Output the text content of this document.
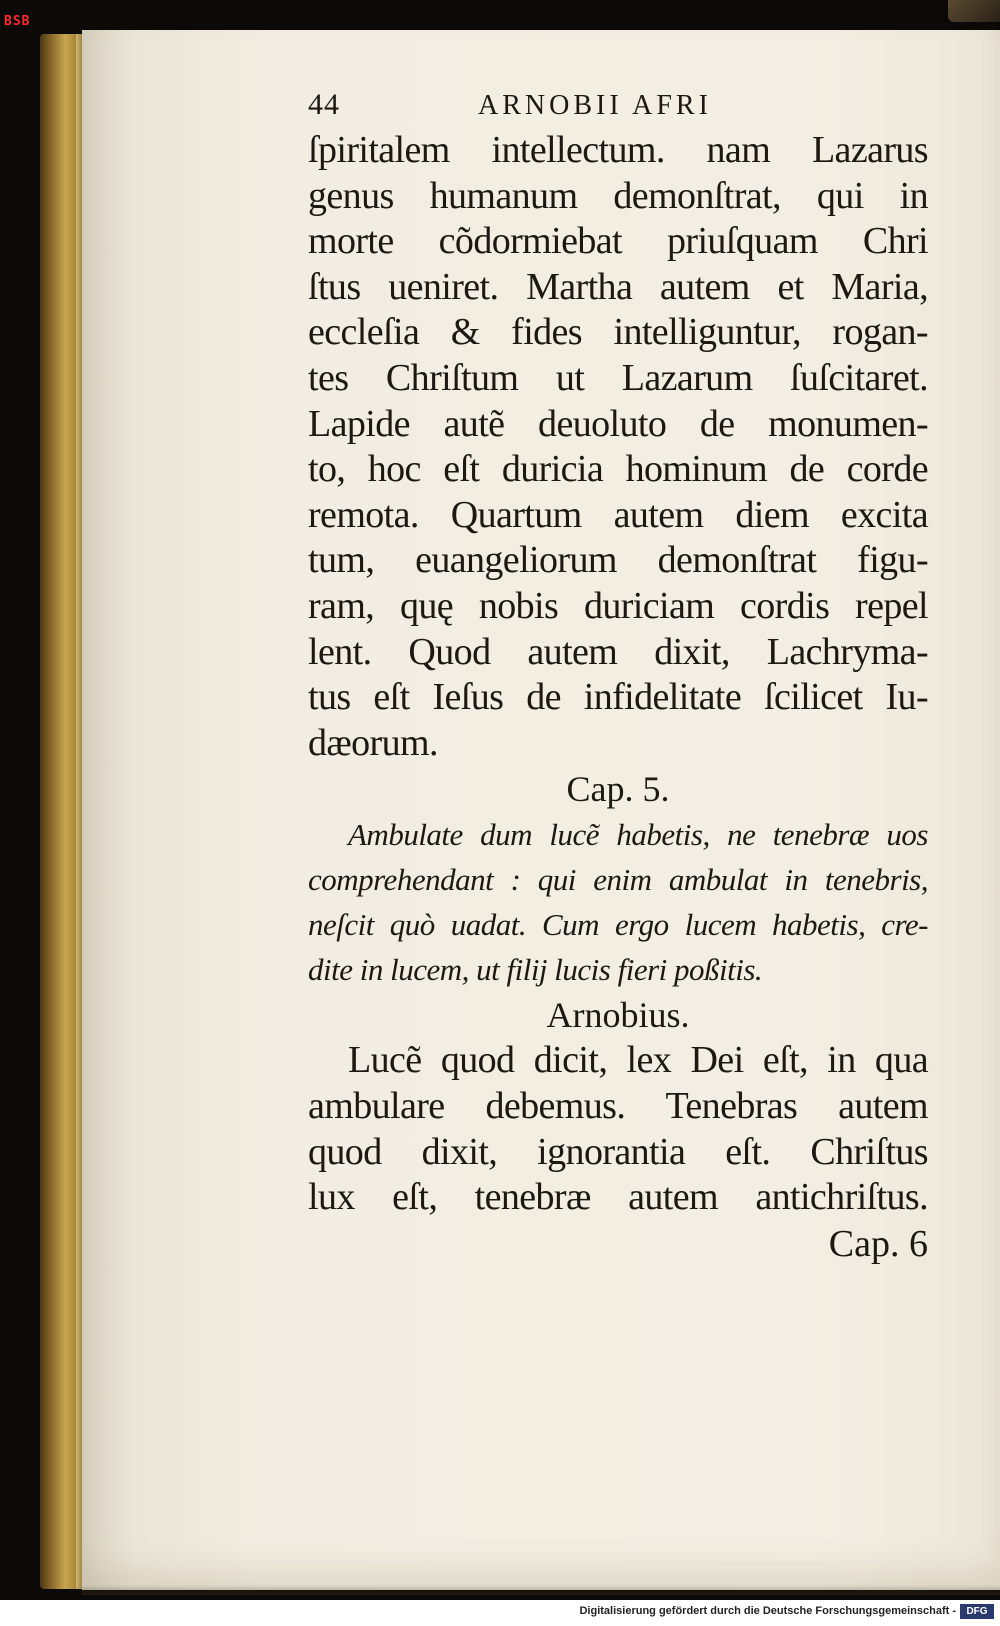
BSB
44	ARNOBII AFRI
ſpiritalem intellectum. nam Lazarus
genus humanum demonſtrat, qui in
morte cõdormiebat priuſquam Chri
ſtus ueniret. Martha autem et Maria,
eccleſia & fides intelliguntur, rogan-
tes Chriſtum ut Lazarum ſuſcitaret.
Lapide autẽ deuoluto de monumen-
to, hoc eſt duricia hominum de corde
remota. Quartum autem diem excita
tum, euangeliorum demonſtrat figu-
ram, quę nobis duriciam cordis repel
lent. Quod autem dixit, Lachryma-
tus eſt Ieſus de infidelitate ſcilicet Iu-
dæorum.
Cap. 5.
Ambulate dum lucẽ habetis, ne tenebræ uos
comprehendant : qui enim ambulat in tenebris,
neſcit quò uadat. Cum ergo lucem habetis, cre-
dite in lucem, ut filij lucis fieri poßitis.
Arnobius.
Lucẽ quod dicit, lex Dei eſt, in qua
ambulare debemus. Tenebras autem
quod dixit, ignorantia eſt. Chriſtus
lux eſt, tenebræ autem antichriſtus.
Cap. 6
Digitalisierung gefördert durch die Deutsche Forschungsgemeinschaft -	DFG
